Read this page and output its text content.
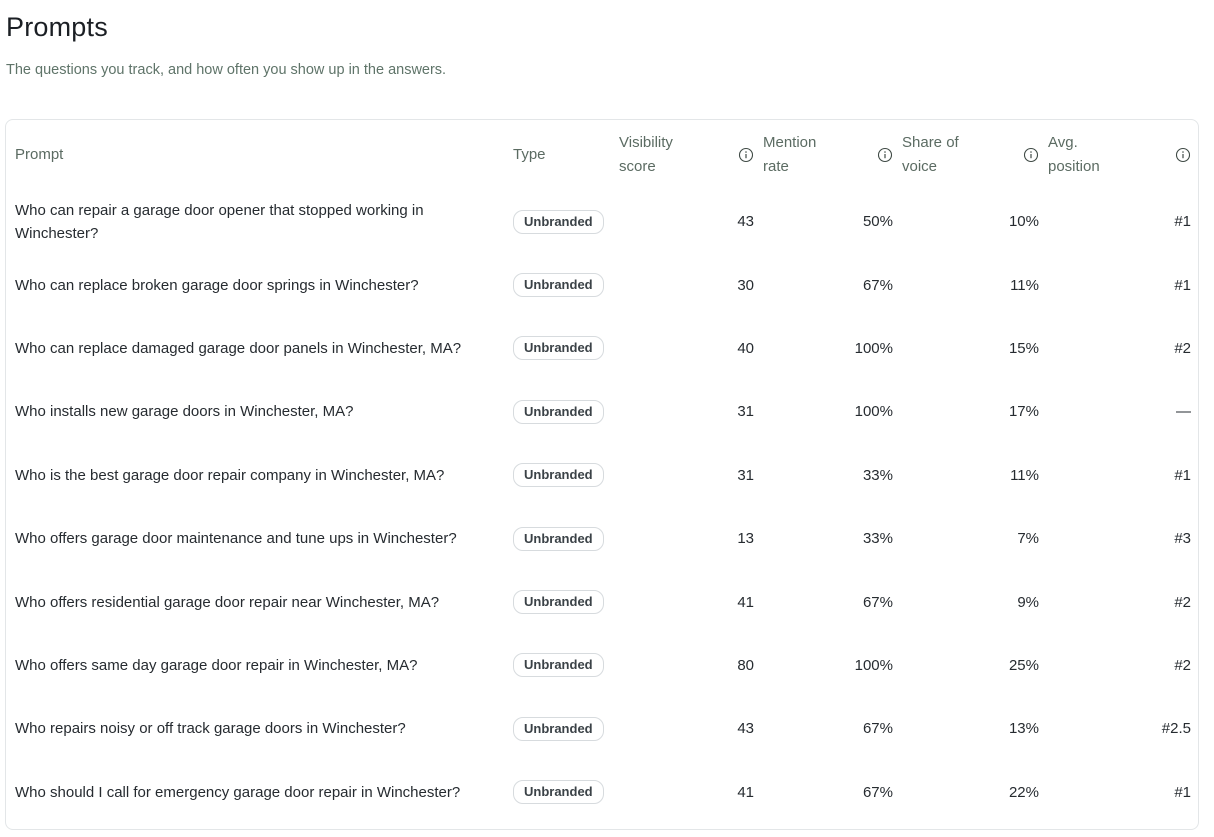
Prompts

The questions you track, and how often you show up in the answers.

Prompt	Type	Visibility score	Mention rate	Share of voice	Avg. position

Who can repair a garage door opener that stopped working in Winchester?	Unbranded	43	50%	10%	#1
Who can replace broken garage door springs in Winchester?	Unbranded	30	67%	11%	#1
Who can replace damaged garage door panels in Winchester, MA?	Unbranded	40	100%	15%	#2
Who installs new garage doors in Winchester, MA?	Unbranded	31	100%	17%	—
Who is the best garage door repair company in Winchester, MA?	Unbranded	31	33%	11%	#1
Who offers garage door maintenance and tune ups in Winchester?	Unbranded	13	33%	7%	#3
Who offers residential garage door repair near Winchester, MA?	Unbranded	41	67%	9%	#2
Who offers same day garage door repair in Winchester, MA?	Unbranded	80	100%	25%	#2
Who repairs noisy or off track garage doors in Winchester?	Unbranded	43	67%	13%	#2.5
Who should I call for emergency garage door repair in Winchester?	Unbranded	41	67%	22%	#1
